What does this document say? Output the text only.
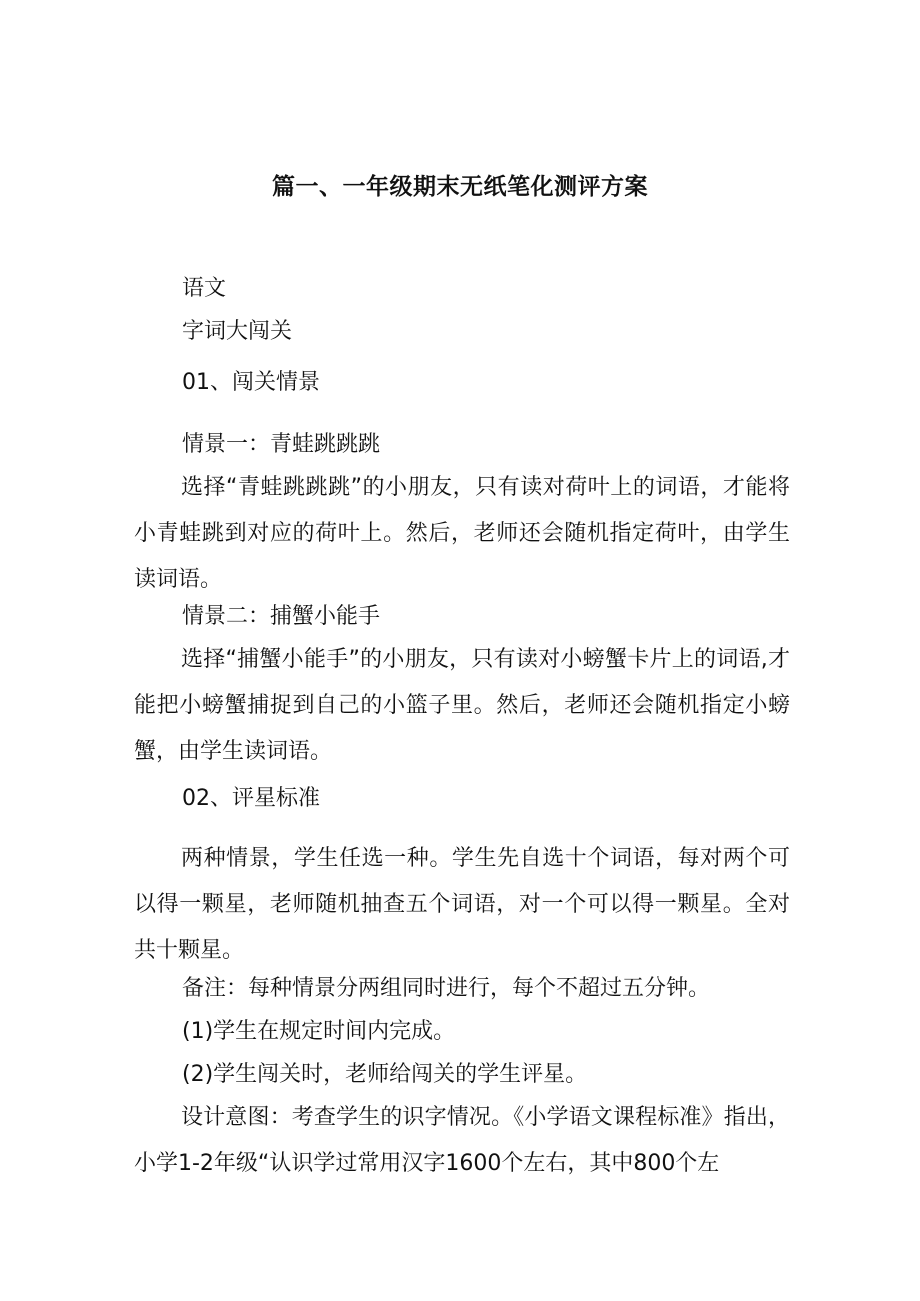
篇一、一年级期末无纸笔化测评方案
语文
字词大闯关
01、闯关情景
情景一：青蛙跳跳跳
选择“青蛙跳跳跳”的小朋友，只有读对荷叶上的词语，才能将小青蛙跳到对应的荷叶上。然后，老师还会随机指定荷叶，由学生读词语。
情景二：捕蟹小能手
选择“捕蟹小能手”的小朋友，只有读对小螃蟹卡片上的词语,才能把小螃蟹捕捉到自己的小篮子里。然后，老师还会随机指定小螃蟹，由学生读词语。
02、评星标准
两种情景，学生任选一种。学生先自选十个词语，每对两个可以得一颗星，老师随机抽查五个词语，对一个可以得一颗星。全对共十颗星。
备注：每种情景分两组同时进行，每个不超过五分钟。
(1)学生在规定时间内完成。
(2)学生闯关时，老师给闯关的学生评星。
设计意图：考查学生的识字情况。《小学语文课程标准》指出，小学1-2年级“认识学过常用汉字1600个左右，其中800个左
